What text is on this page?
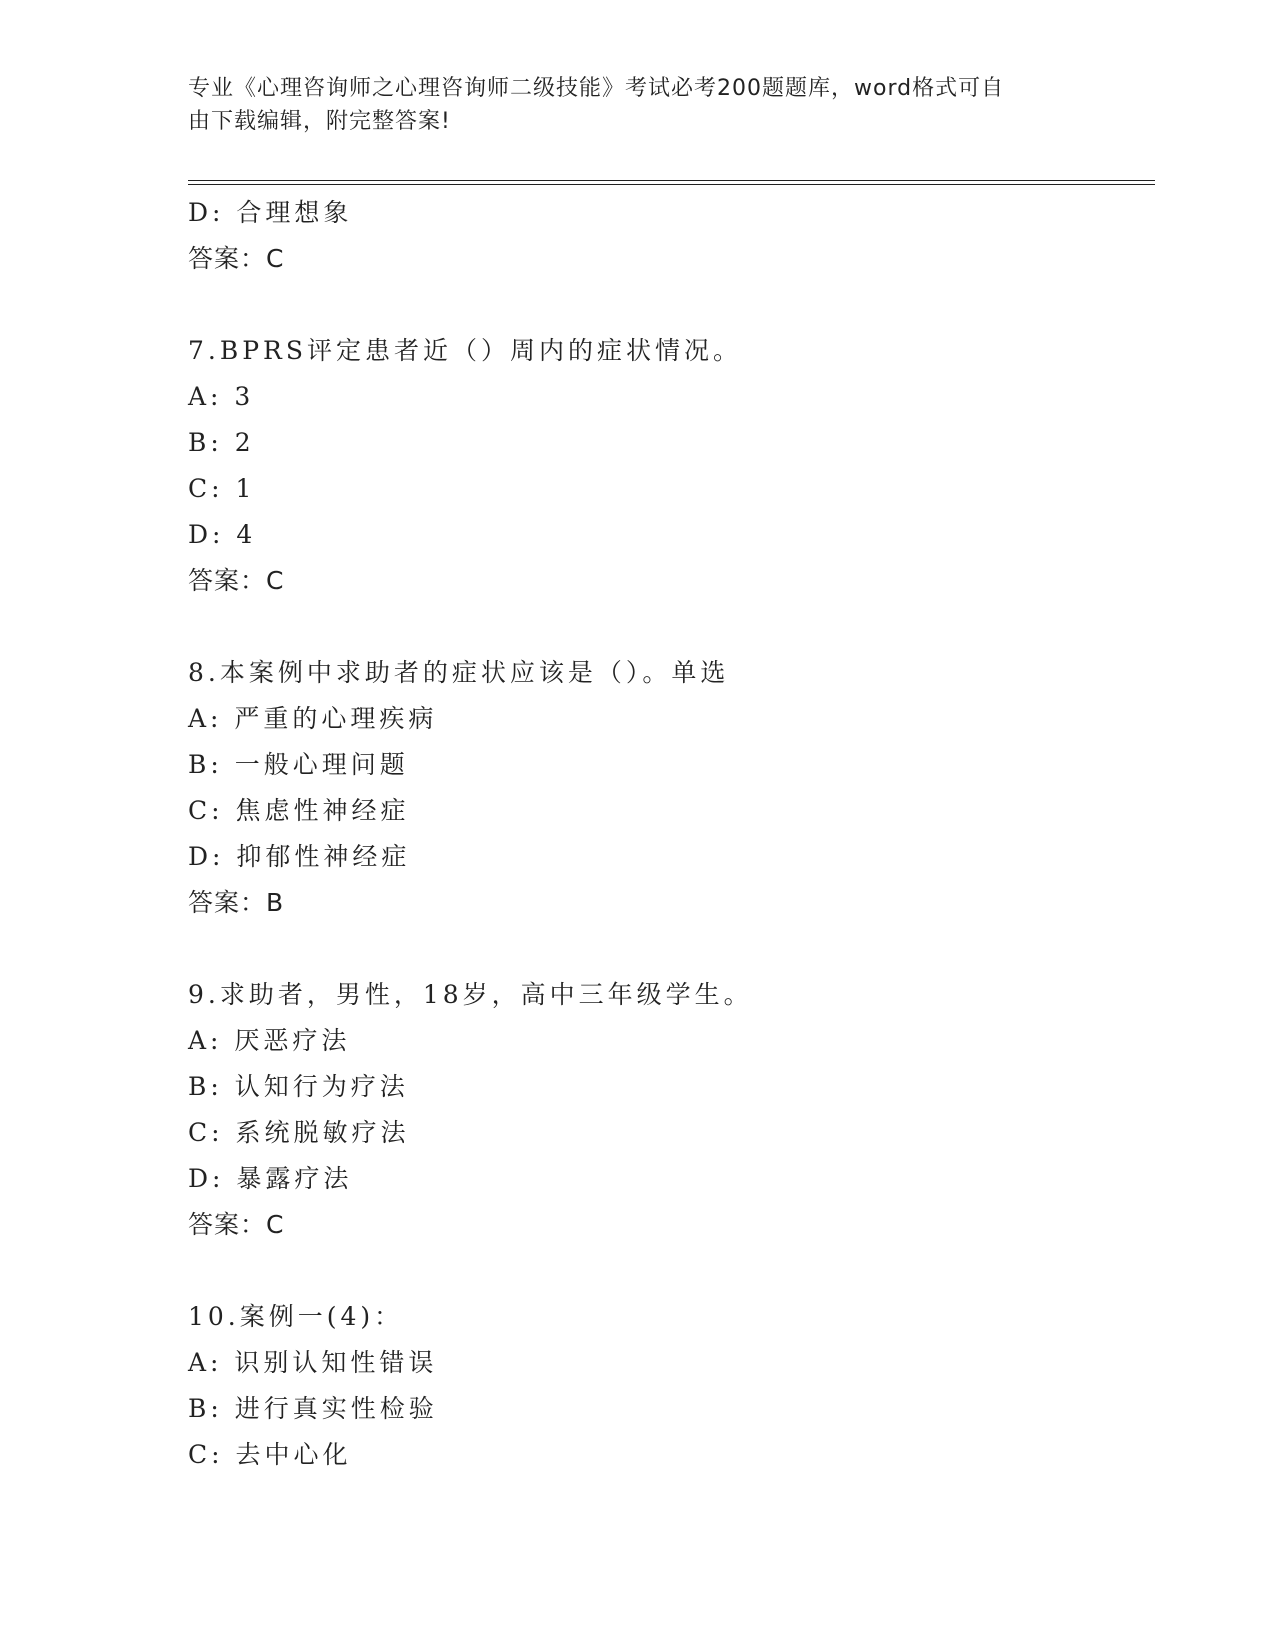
专业《心理咨询师之心理咨询师二级技能》考试必考200题题库，word格式可自
由下载编辑，附完整答案!
D: 合理想象
答案：C
7.BPRS评定患者近（）周内的症状情况。
A: 3
B: 2
C: 1
D: 4
答案：C
8.本案例中求助者的症状应该是（）。单选
A: 严重的心理疾病
B: 一般心理问题
C: 焦虑性神经症
D: 抑郁性神经症
答案：B
9.求助者，男性，18岁，高中三年级学生。
A: 厌恶疗法
B: 认知行为疗法
C: 系统脱敏疗法
D: 暴露疗法
答案：C
10.案例一(4)：
A: 识别认知性错误
B: 进行真实性检验
C: 去中心化
